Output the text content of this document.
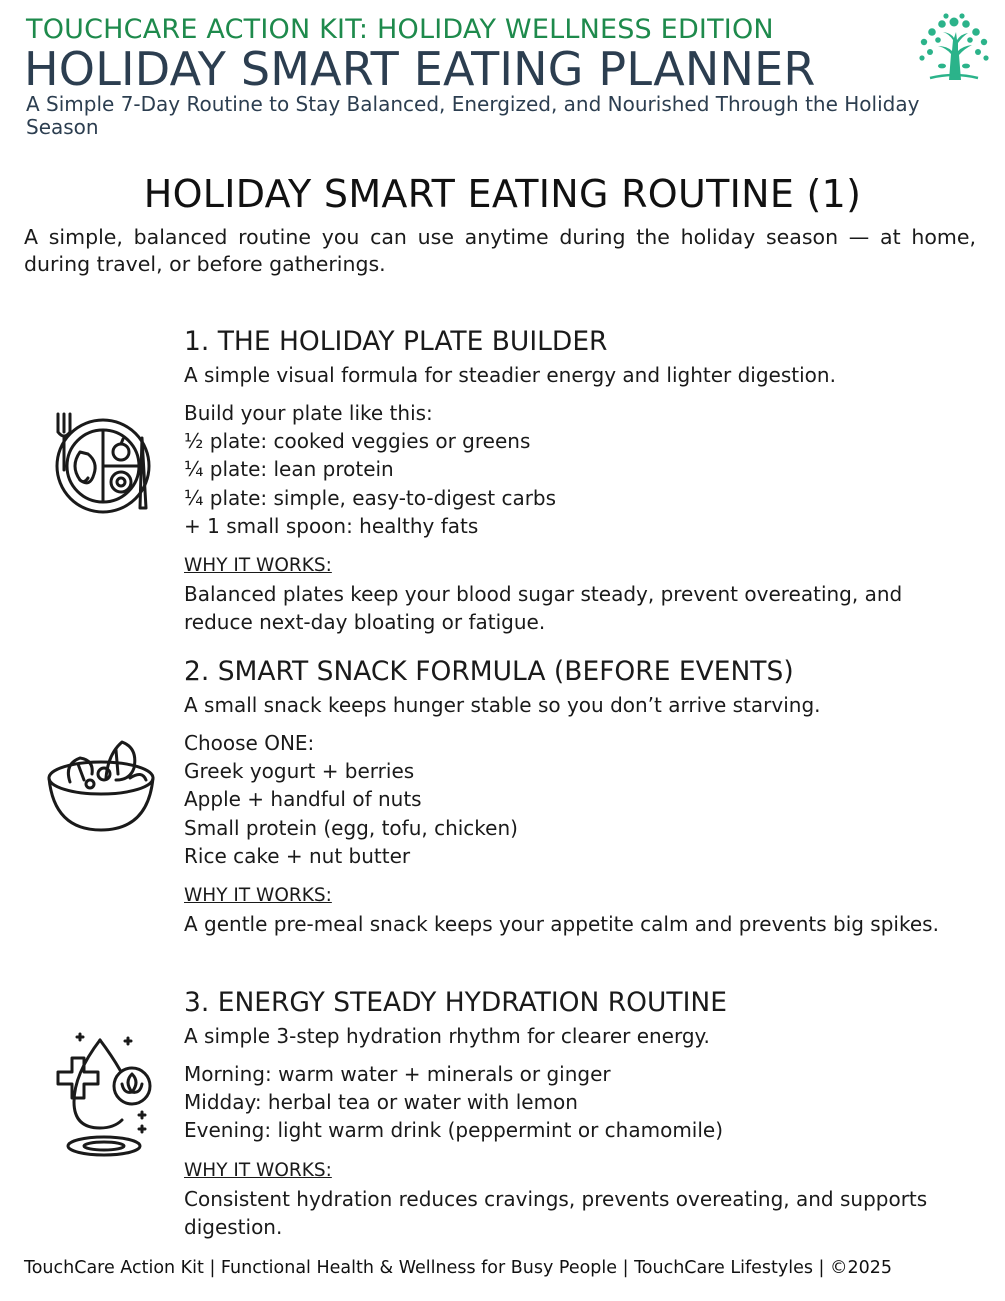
TOUCHCARE ACTION KIT: HOLIDAY WELLNESS EDITION
HOLIDAY SMART EATING PLANNER
A Simple 7-Day Routine to Stay Balanced, Energized, and Nourished Through the Holiday Season
HOLIDAY SMART EATING ROUTINE (1)
A simple, balanced routine you can use anytime during the holiday season — at home, during travel, or before gatherings.
1. THE HOLIDAY PLATE BUILDER
A simple visual formula for steadier energy and lighter digestion.
Build your plate like this:
½ plate: cooked veggies or greens
¼ plate: lean protein
¼ plate: simple, easy-to-digest carbs
+ 1 small spoon: healthy fats
WHY IT WORKS:
Balanced plates keep your blood sugar steady, prevent overeating, and reduce next-day bloating or fatigue.
2. SMART SNACK FORMULA (BEFORE EVENTS)
A small snack keeps hunger stable so you don’t arrive starving.
Choose ONE:
Greek yogurt + berries
Apple + handful of nuts
Small protein (egg, tofu, chicken)
Rice cake + nut butter
WHY IT WORKS:
A gentle pre-meal snack keeps your appetite calm and prevents big spikes.
3. ENERGY STEADY HYDRATION ROUTINE
A simple 3-step hydration rhythm for clearer energy.
Morning: warm water + minerals or ginger
Midday: herbal tea or water with lemon
Evening: light warm drink (peppermint or chamomile)
WHY IT WORKS:
Consistent hydration reduces cravings, prevents overeating, and supports digestion.
TouchCare Action Kit | Functional Health & Wellness for Busy People | TouchCare Lifestyles | ©2025
